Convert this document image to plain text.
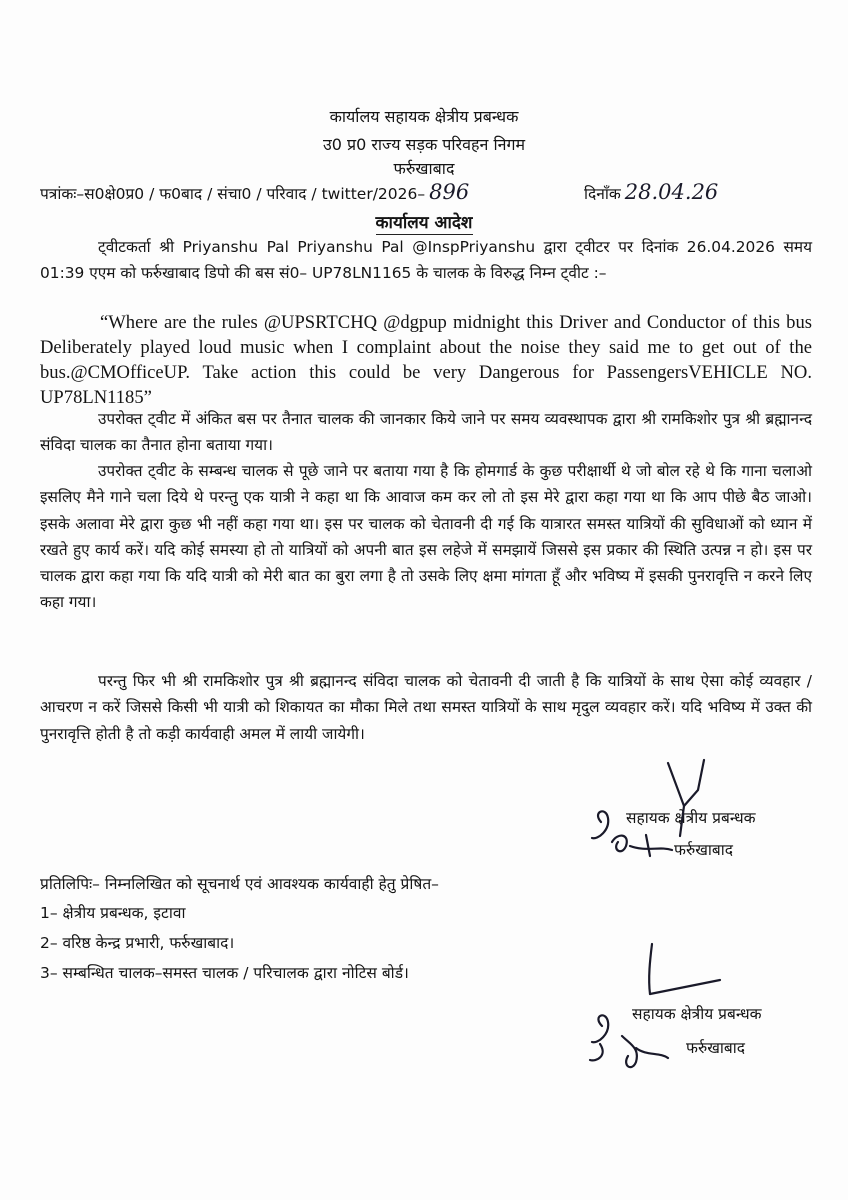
कार्यालय सहायक क्षेत्रीय प्रबन्धक
उ0 प्र0 राज्य सड़क परिवहन निगम
फर्रुखाबाद
पत्रांकः–स0क्षे0प्र0 / फ0बाद / संचा0 / परिवाद / twitter/2026– 896	दिनाँक 28.04.26
कार्यालय आदेश
ट्वीटकर्ता श्री Priyanshu Pal Priyanshu Pal @InspPriyanshu द्वारा ट्वीटर पर दिनांक 26.04.2026 समय 01:39 एएम को फर्रुखाबाद डिपो की बस सं0– UP78LN1165 के चालक के विरुद्ध निम्न ट्वीट :–
“Where are the rules @UPSRTCHQ @dgpup midnight this Driver and Conductor of this bus Deliberately played loud music when I complaint about the noise they said me to get out of the bus.@CMOfficeUP. Take action this could be very Dangerous for PassengersVEHICLE NO. UP78LN1185”
उपरोक्त ट्वीट में अंकित बस पर तैनात चालक की जानकार किये जाने पर समय व्यवस्थापक द्वारा श्री रामकिशोर पुत्र श्री ब्रह्मानन्द संविदा चालक का तैनात होना बताया गया।
उपरोक्त ट्वीट के सम्बन्ध चालक से पूछे जाने पर बताया गया है कि होमगार्ड के कुछ परीक्षार्थी थे जो बोल रहे थे कि गाना चलाओ इसलिए मैने गाने चला दिये थे परन्तु एक यात्री ने कहा था कि आवाज कम कर लो तो इस मेरे द्वारा कहा गया था कि आप पीछे बैठ जाओ। इसके अलावा मेरे द्वारा कुछ भी नहीं कहा गया था। इस पर चालक को चेतावनी दी गई कि यात्रारत समस्त यात्रियों की सुविधाओं को ध्यान में रखते हुए कार्य करें। यदि कोई समस्या हो तो यात्रियों को अपनी बात इस लहेजे में समझायें जिससे इस प्रकार की स्थिति उत्पन्न न हो। इस पर चालक द्वारा कहा गया कि यदि यात्री को मेरी बात का बुरा लगा है तो उसके लिए क्षमा मांगता हूँ और भविष्य में इसकी पुनरावृत्ति न करने लिए कहा गया।
परन्तु फिर भी श्री रामकिशोर पुत्र श्री ब्रह्मानन्द संविदा चालक को चेतावनी दी जाती है कि यात्रियों के साथ ऐसा कोई व्यवहार / आचरण न करें जिससे किसी भी यात्री को शिकायत का मौका मिले तथा समस्त यात्रियों के साथ मृदुल व्यवहार करें। यदि भविष्य में उक्त की पुनरावृत्ति होती है तो कड़ी कार्यवाही अमल में लायी जायेगी।
सहायक क्षेत्रीय प्रबन्धक
फर्रुखाबाद
प्रतिलिपिः– निम्नलिखित को सूचनार्थ एवं आवश्यक कार्यवाही हेतु प्रेषित–
1– क्षेत्रीय प्रबन्धक, इटावा
2– वरिष्ठ केन्द्र प्रभारी, फर्रुखाबाद।
3– सम्बन्धित चालक–समस्त चालक / परिचालक द्वारा नोटिस बोर्ड।
सहायक क्षेत्रीय प्रबन्धक
फर्रुखाबाद
